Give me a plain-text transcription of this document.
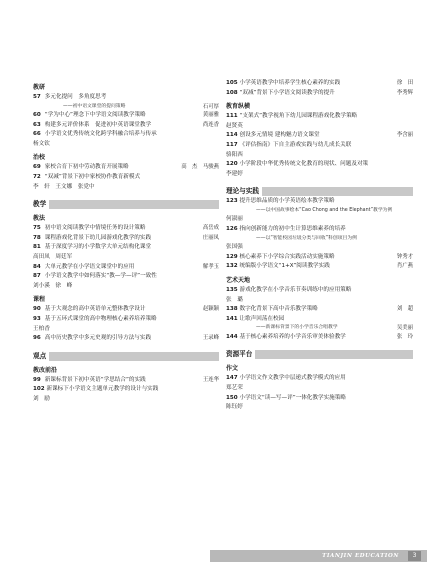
教研
57 多元化提问　多角度思考
——初中语文课堂的提问策略	石可厚
60 “学为中心”理念下中学语文阅读教学策略	黄丽雅
63 构建多元评价体系　促进初中英语课堂教学	尚连香
66 小学语文优秀传统文化跨学科融合培养与传承
杨文钦
治校
69 家校合育下初中劳动教育开展策略	高　杰　马骏燕
72 “双减”背景下初中家校协作教育新模式
李　轩　王文娜　张党中
教学
教法
75 初中语文阅读教学中情境任务的设计策略	高岳成
78 课程游戏化背景下幼儿园游戏化教学的实践	庄丽凤
81 基于深度学习的小学数学大单元结构化课堂
高田凤　周廷军
84 大单元教学在小学语文课堂中的应用	解孝玉
87 小学语文教学中如何落实“教—学—评”一致性
刘小溪　徐　峰
课程
90 基于大观念的高中英语单元整体教学设计	赵颖颖
93 基于五环式课堂的高中物理核心素养培养策略
王柏香
96 高中历史教学中多元史观的引导方法与实践	王录峰
观点
教改前沿
99 新课标背景下初中英语“学思结合”的实践	王连华
102 新课标下小学语文主题单元教学的设计与实践
刘　励
105 小学英语教学中培养学生核心素养的实践	徐　田
108 “双减”背景下小学语文阅读教学的提升	李秀辉
教育纵横
111 “支架式”教学视角下幼儿园课程游戏化教学策略
赵贤英
114 创设多元情境 建构魅力语文课堂	李含丽
117 《评估指南》下自主游戏实践与幼儿成长关联
骆阳西
120 小学阶段中华优秀传统文化教育的现状、问题及对策
李建婷
理论与实践
123 提升思维品质的小学英语绘本教学策略
——以中国故事绘本“Cao Chong and the Elephant”教学为例
何淑丽
126 指向创新能力的初中生计算思维素养的培养
——以“智能校园垃圾分类与回收”科创项目为例
张国强
129 核心素养下小学综合实践活动实施策略	钟秀才
132 统编版小学语文“1+X”阅读教学实践	肖广燕
艺术天地
135 游戏化教学在小学音乐节奏训练中的应用策略
张　璐
138 数字化背景下高中音乐教学策略	刘　超
141 让歌声回荡在校园
——新课标背景下的小学音乐合唱教学	吴美丽
144 基于核心素养培养的小学音乐审美体验教学	张　玲
资源平台
作文
147 小学语文作文教学中层递式教学模式的应用
郑艺荣
150 小学语文“读—写—评”一体化教学实施策略
陈钰婷
TIANJIN EDUCATION	3
